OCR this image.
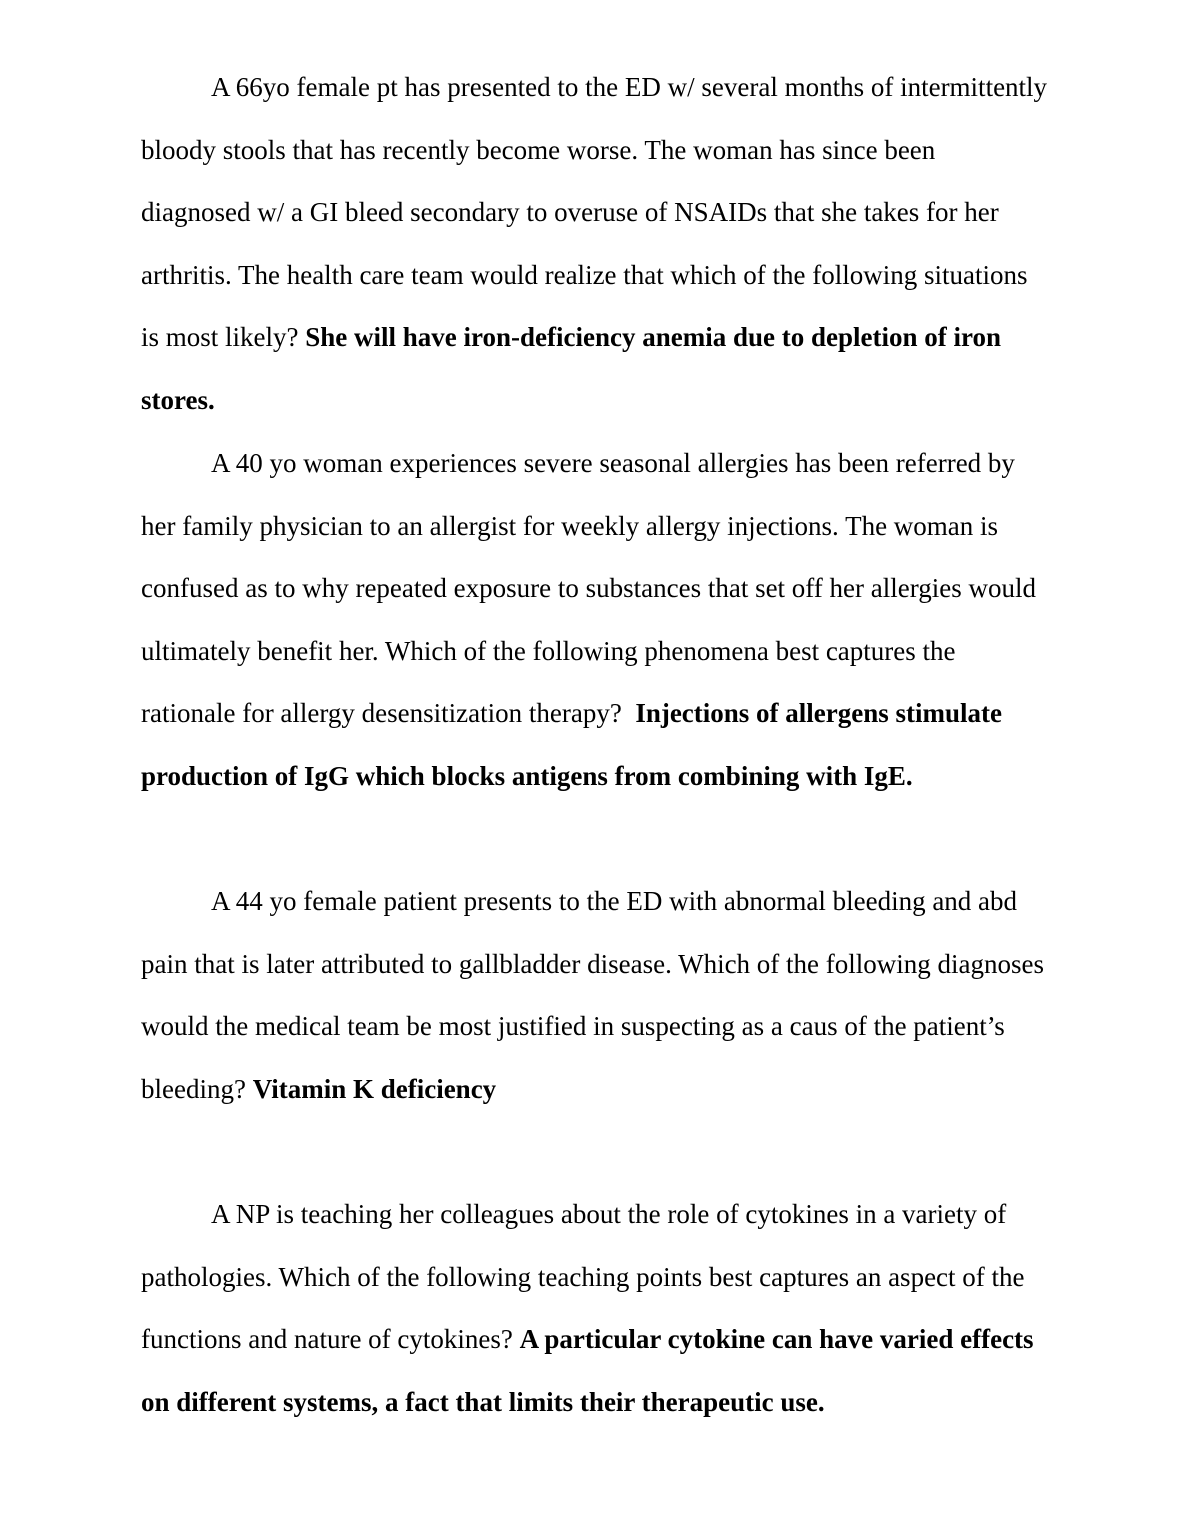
A 66yo female pt has presented to the ED w/ several months of intermittently bloody stools that has recently become worse. The woman has since been diagnosed w/ a GI bleed secondary to overuse of NSAIDs that she takes for her arthritis. The health care team would realize that which of the following situations is most likely? She will have iron-deficiency anemia due to depletion of iron stores.

A 40 yo woman experiences severe seasonal allergies has been referred by her family physician to an allergist for weekly allergy injections. The woman is confused as to why repeated exposure to substances that set off her allergies would ultimately benefit her. Which of the following phenomena best captures the rationale for allergy desensitization therapy? Injections of allergens stimulate production of IgG which blocks antigens from combining with IgE.

A 44 yo female patient presents to the ED with abnormal bleeding and abd pain that is later attributed to gallbladder disease. Which of the following diagnoses would the medical team be most justified in suspecting as a caus of the patient’s bleeding? Vitamin K deficiency

A NP is teaching her colleagues about the role of cytokines in a variety of pathologies. Which of the following teaching points best captures an aspect of the functions and nature of cytokines? A particular cytokine can have varied effects on different systems, a fact that limits their therapeutic use.
